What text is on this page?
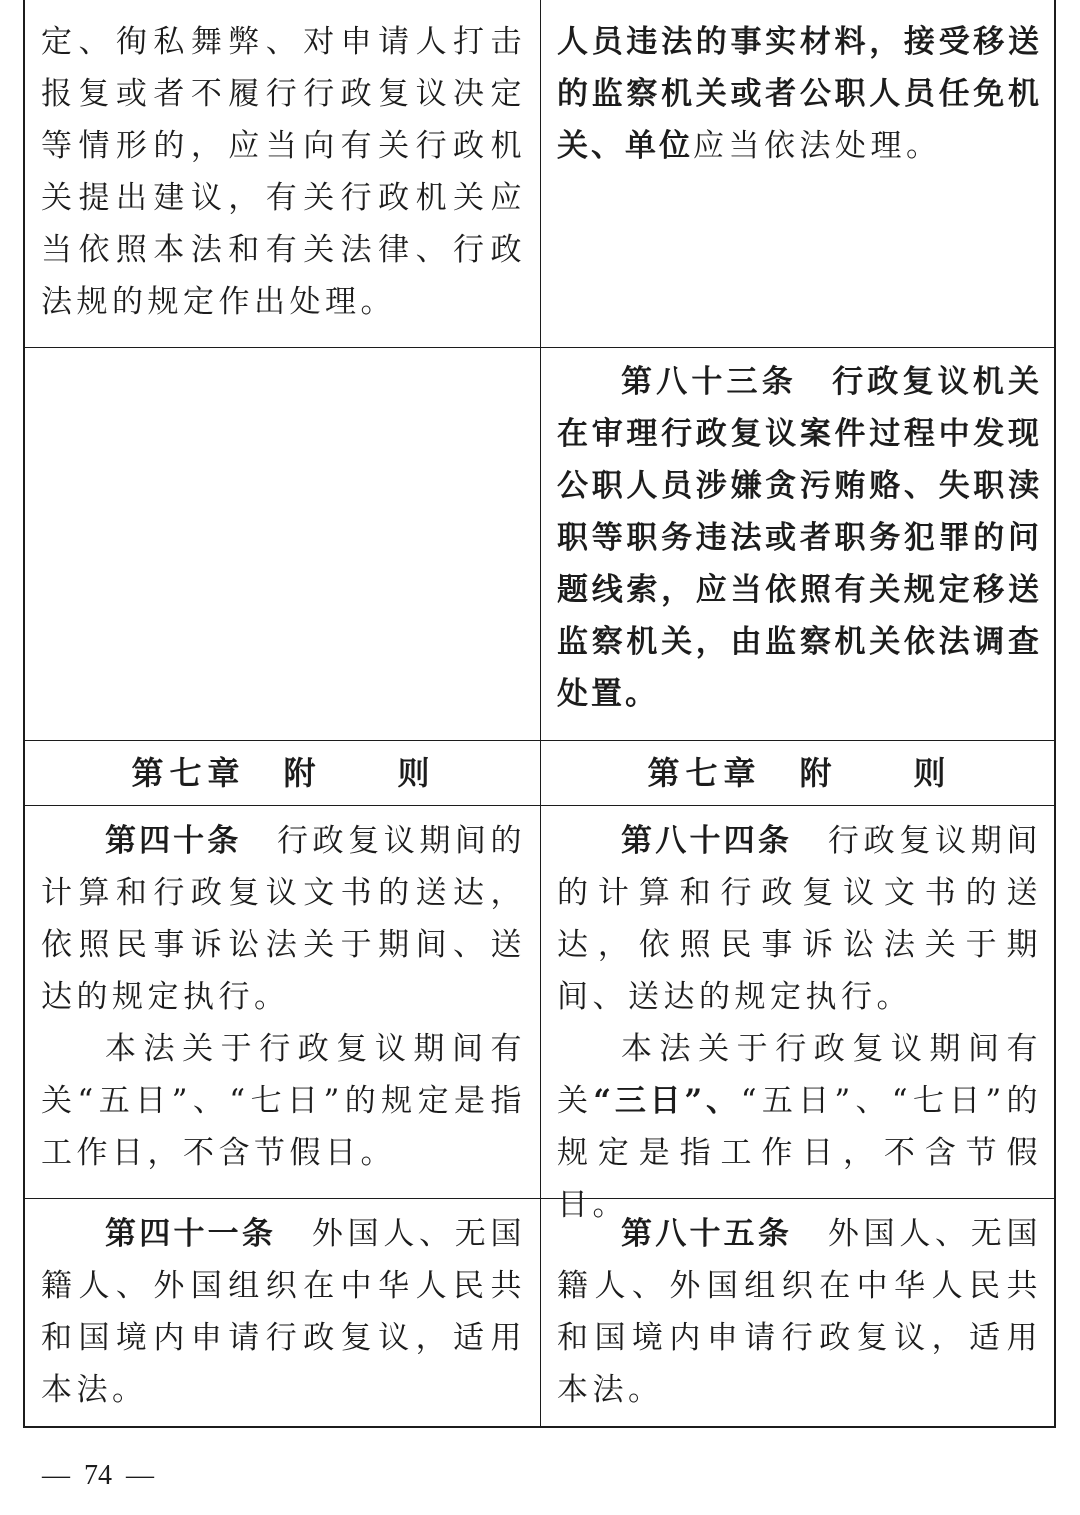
定、徇私舞弊、对申请人打击报复或者不履行行政复议决定等情形的，应当向有关行政机关提出建议，有关行政机关应当依照本法和有关法律、行政法规的规定作出处理。

人员违法的事实材料，接受移送的监察机关或者公职人员任免机关、单位应当依法处理。

第八十三条　行政复议机关在审理行政复议案件过程中发现公职人员涉嫌贪污贿赂、失职渎职等职务违法或者职务犯罪的问题线索，应当依照有关规定移送监察机关，由监察机关依法调查处置。

第七章　附　　则	第七章　附　　则

第四十条　 行政复议期间的计算和行政复议文书的送达，依照民事诉讼法关于期间、送达的规定执行。

本法关于行政复议期间有关“五日”、“七日”的规定是指工作日，不含节假日。

第八十四条　 行政复议期间的计算和行政复议文书的送达，依照民事诉讼法关于期间、送达的规定执行。

本法关于行政复议期间有关“三日”、“五日”、“七日”的规定是指工作日，不含节假日。

第四十一条　 外国人、无国籍人、外国组织在中华人民共和国境内申请行政复议，适用本法。

第八十五条　 外国人、无国籍人、外国组织在中华人民共和国境内申请行政复议，适用本法。

—  74  —
